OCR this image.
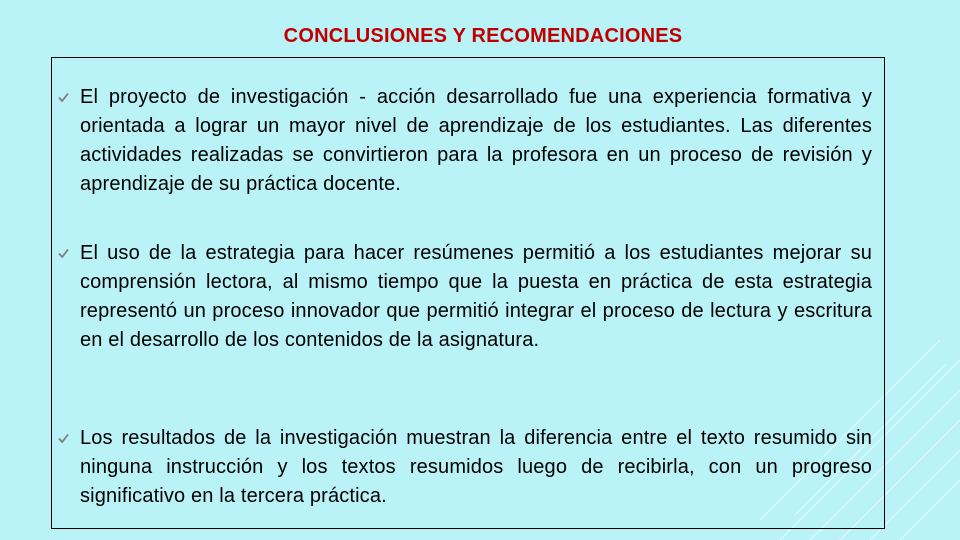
CONCLUSIONES Y RECOMENDACIONES
El proyecto de investigación - acción desarrollado fue una experiencia formativa y orientada a lograr un mayor nivel de aprendizaje de los estudiantes. Las diferentes actividades realizadas se convirtieron para la profesora en un proceso de revisión y aprendizaje de su práctica docente.
El uso de la estrategia para hacer resúmenes permitió a los estudiantes mejorar su comprensión lectora, al mismo tiempo que la puesta en práctica de esta estrategia representó un proceso innovador que permitió integrar el proceso de lectura y escritura en el desarrollo de los contenidos de la asignatura.
Los resultados de la investigación muestran la diferencia entre el texto resumido sin ninguna instrucción y los textos resumidos luego de recibirla, con un progreso significativo en la tercera práctica.
